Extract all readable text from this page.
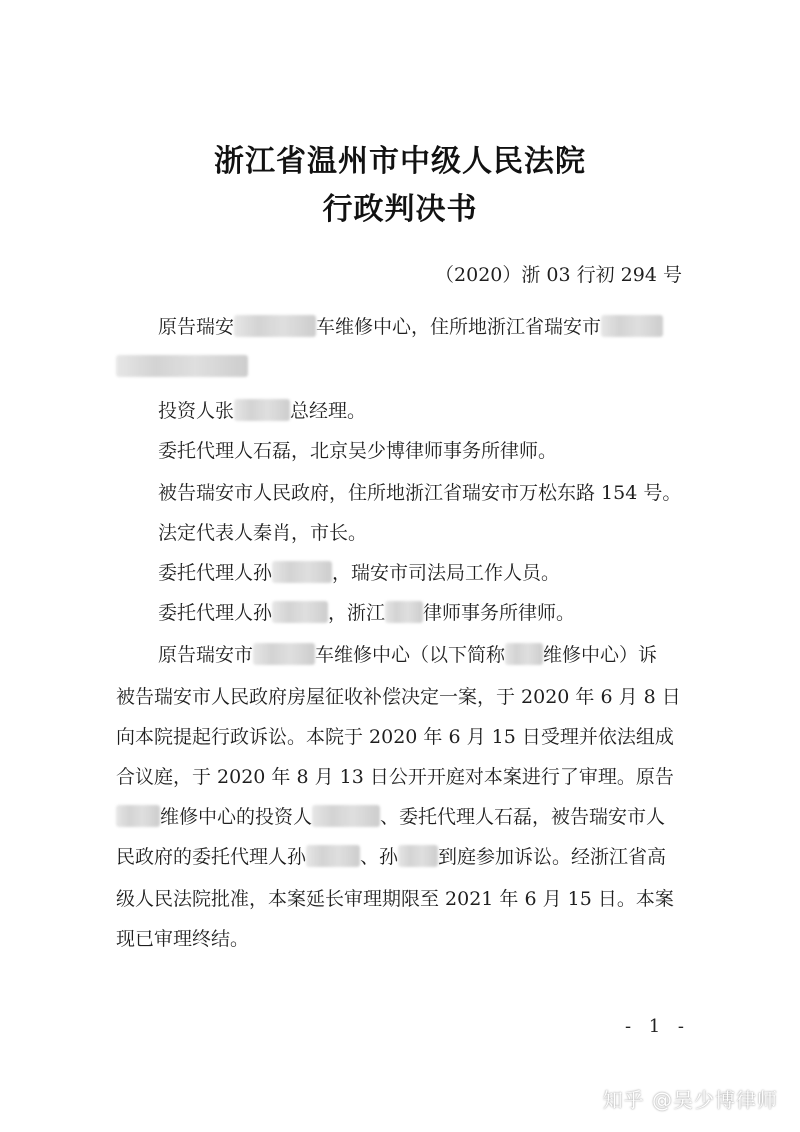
浙江省温州市中级人民法院
行政判决书
（2020）浙 03 行初 294 号
原告瑞安	车维修中心，住所地浙江省瑞安市
投资人张	总经理。
委托代理人石磊，北京吴少博律师事务所律师。
被告瑞安市人民政府，住所地浙江省瑞安市万松东路 154 号。
法定代表人秦肖，市长。
委托代理人孙	，瑞安市司法局工作人员。
委托代理人孙	，浙江 律师事务所律师。
原告瑞安市	车维修中心（以下简称 维修中心）诉
被告瑞安市人民政府房屋征收补偿决定一案，于 2020 年 6 月 8 日
向本院提起行政诉讼。本院于 2020 年 6 月 15 日受理并依法组成
合议庭，于 2020 年 8 月 13 日公开开庭对本案进行了审理。原告
维修中心的投资人	、委托代理人石磊，被告瑞安市人
民政府的委托代理人孙	、孙 到庭参加诉讼。经浙江省高
级人民法院批准，本案延长审理期限至 2021 年 6 月 15 日。本案
现已审理终结。
- 1 -
知乎 @吴少博律师
